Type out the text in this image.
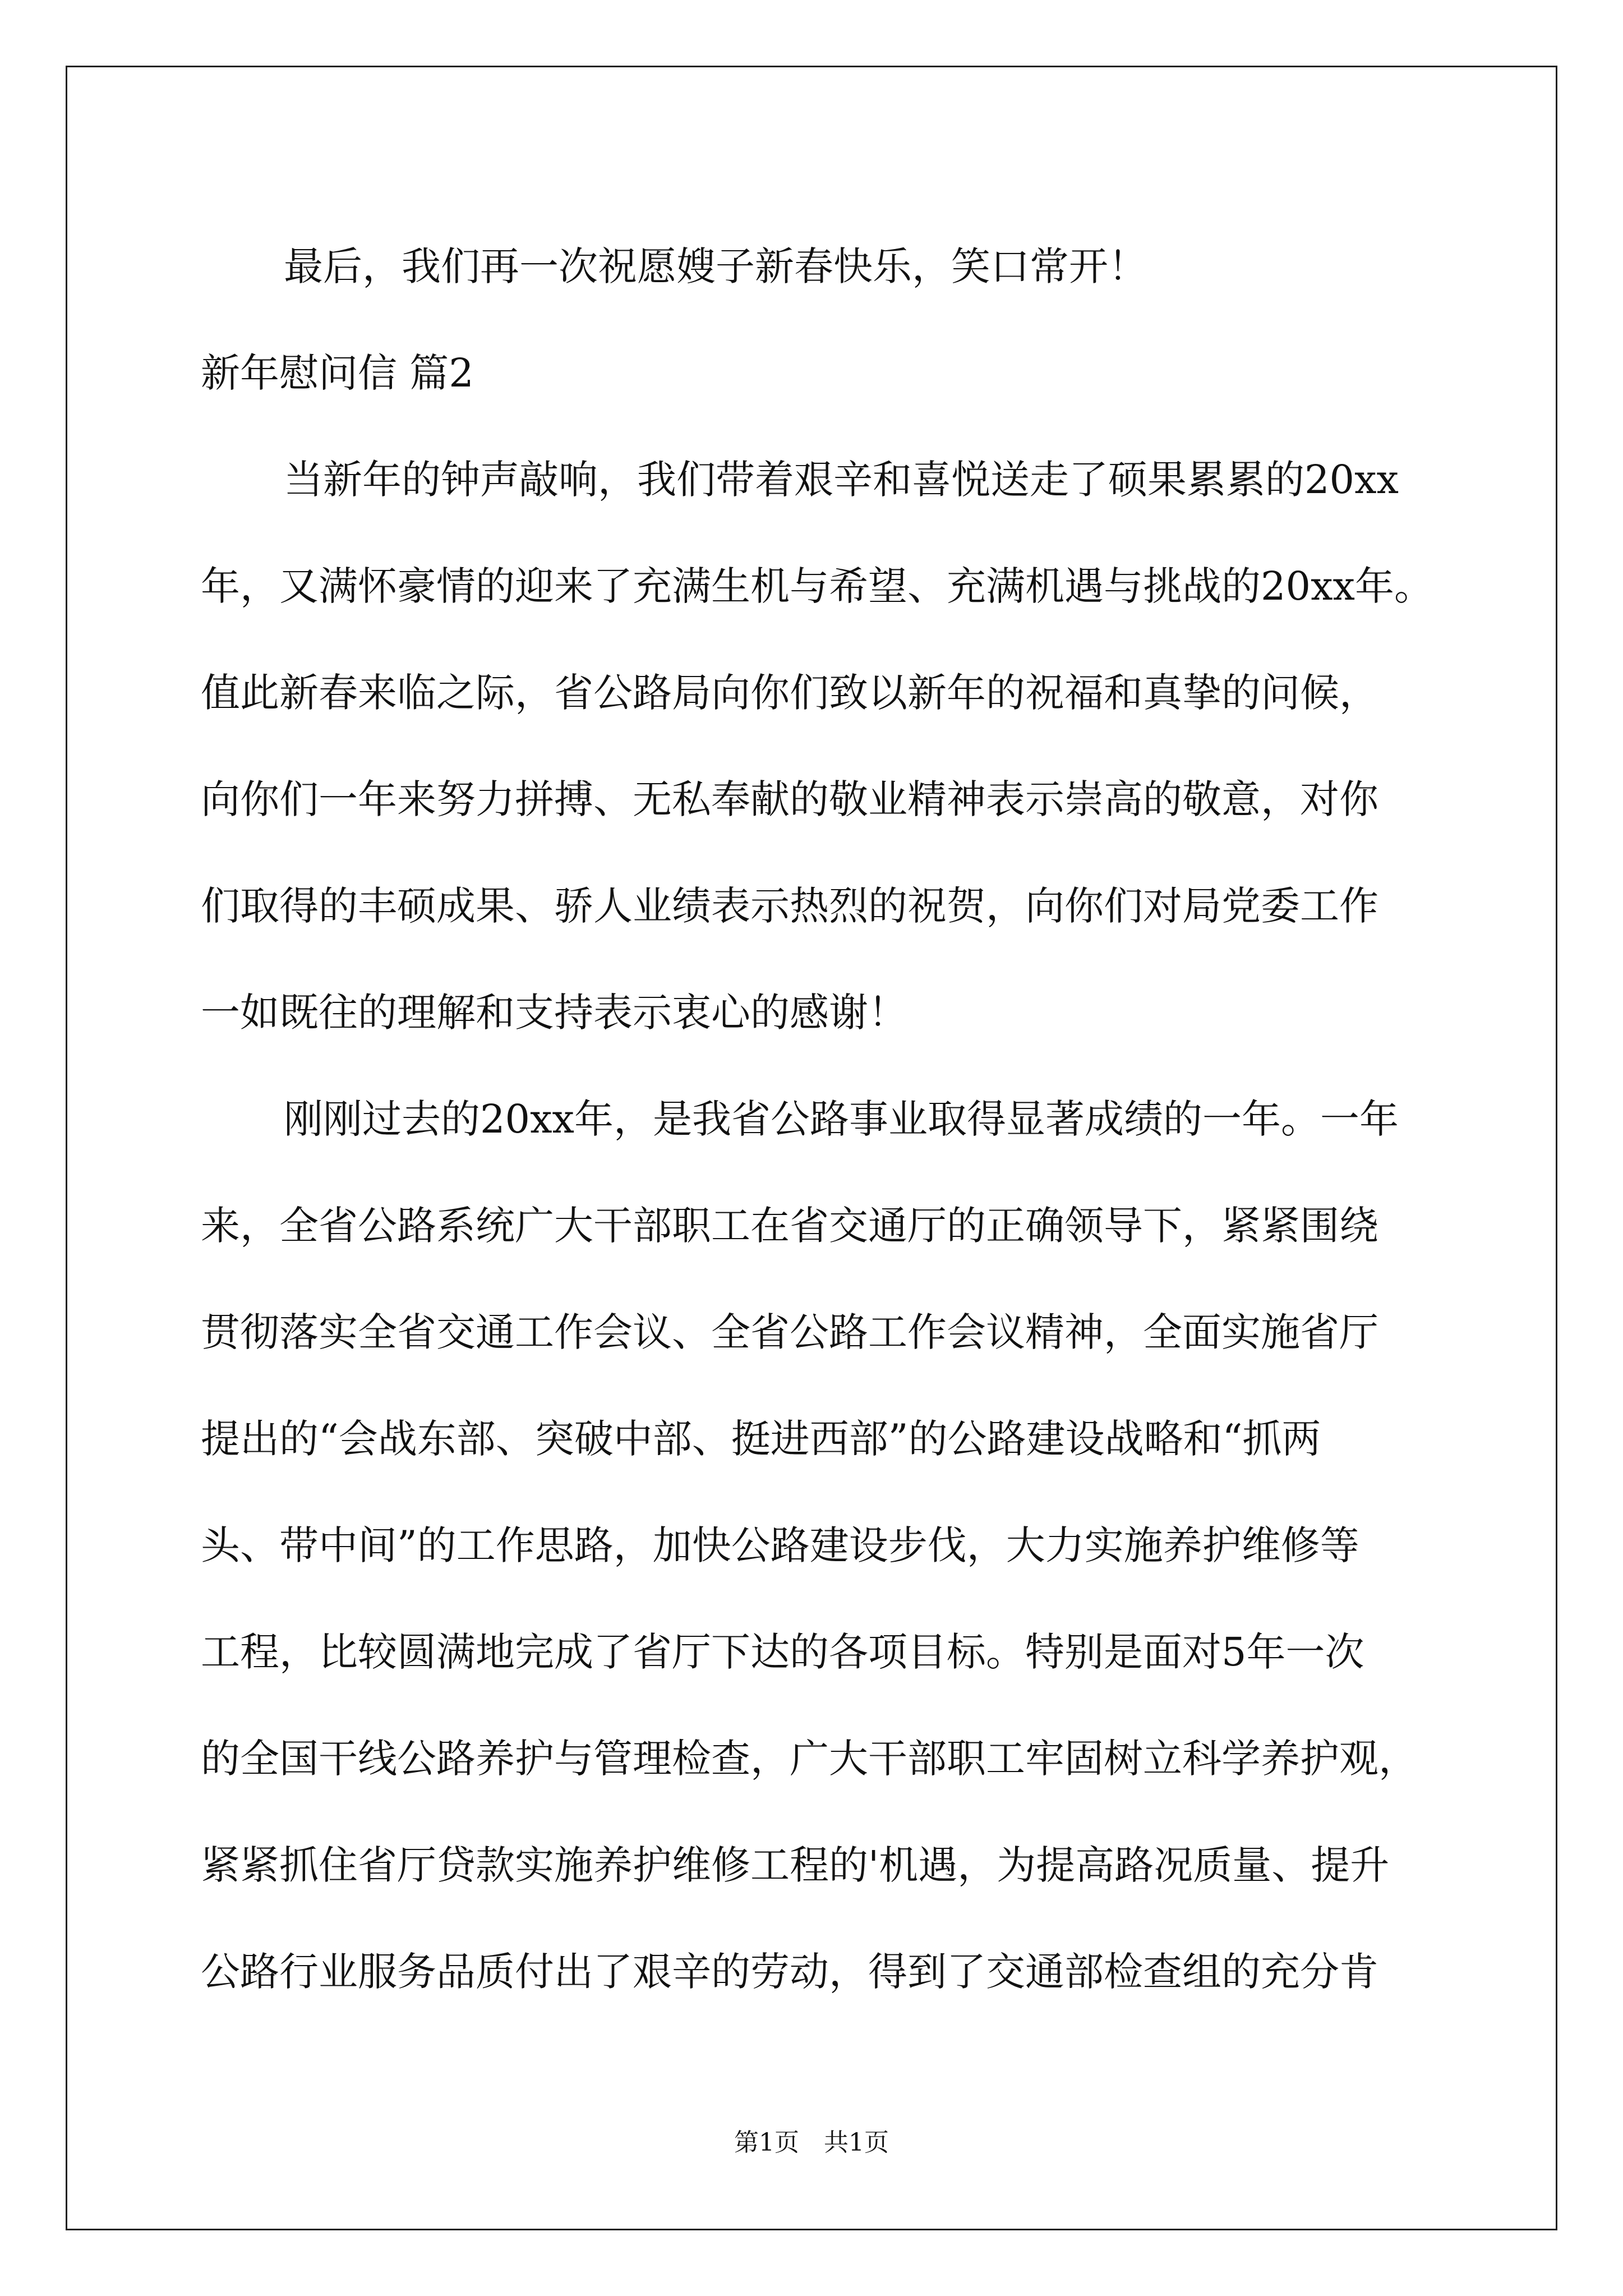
最后，我们再一次祝愿嫂子新春快乐，笑口常开！
新年慰问信 篇2
当新年的钟声敲响，我们带着艰辛和喜悦送走了硕果累累的20xx
年，又满怀豪情的迎来了充满生机与希望、充满机遇与挑战的20xx年。
值此新春来临之际，省公路局向你们致以新年的祝福和真挚的问候，
向你们一年来努力拼搏、无私奉献的敬业精神表示崇高的敬意，对你
们取得的丰硕成果、骄人业绩表示热烈的祝贺，向你们对局党委工作
一如既往的理解和支持表示衷心的感谢！
刚刚过去的20xx年，是我省公路事业取得显著成绩的一年。一年
来，全省公路系统广大干部职工在省交通厅的正确领导下，紧紧围绕
贯彻落实全省交通工作会议、全省公路工作会议精神，全面实施省厅
提出的“会战东部、突破中部、挺进西部”的公路建设战略和“抓两
头、带中间”的工作思路，加快公路建设步伐，大力实施养护维修等
工程，比较圆满地完成了省厅下达的各项目标。特别是面对5年一次
的全国干线公路养护与管理检查，广大干部职工牢固树立科学养护观，
紧紧抓住省厅贷款实施养护维修工程的'机遇，为提高路况质量、提升
公路行业服务品质付出了艰辛的劳动，得到了交通部检查组的充分肯
第1页　共1页
